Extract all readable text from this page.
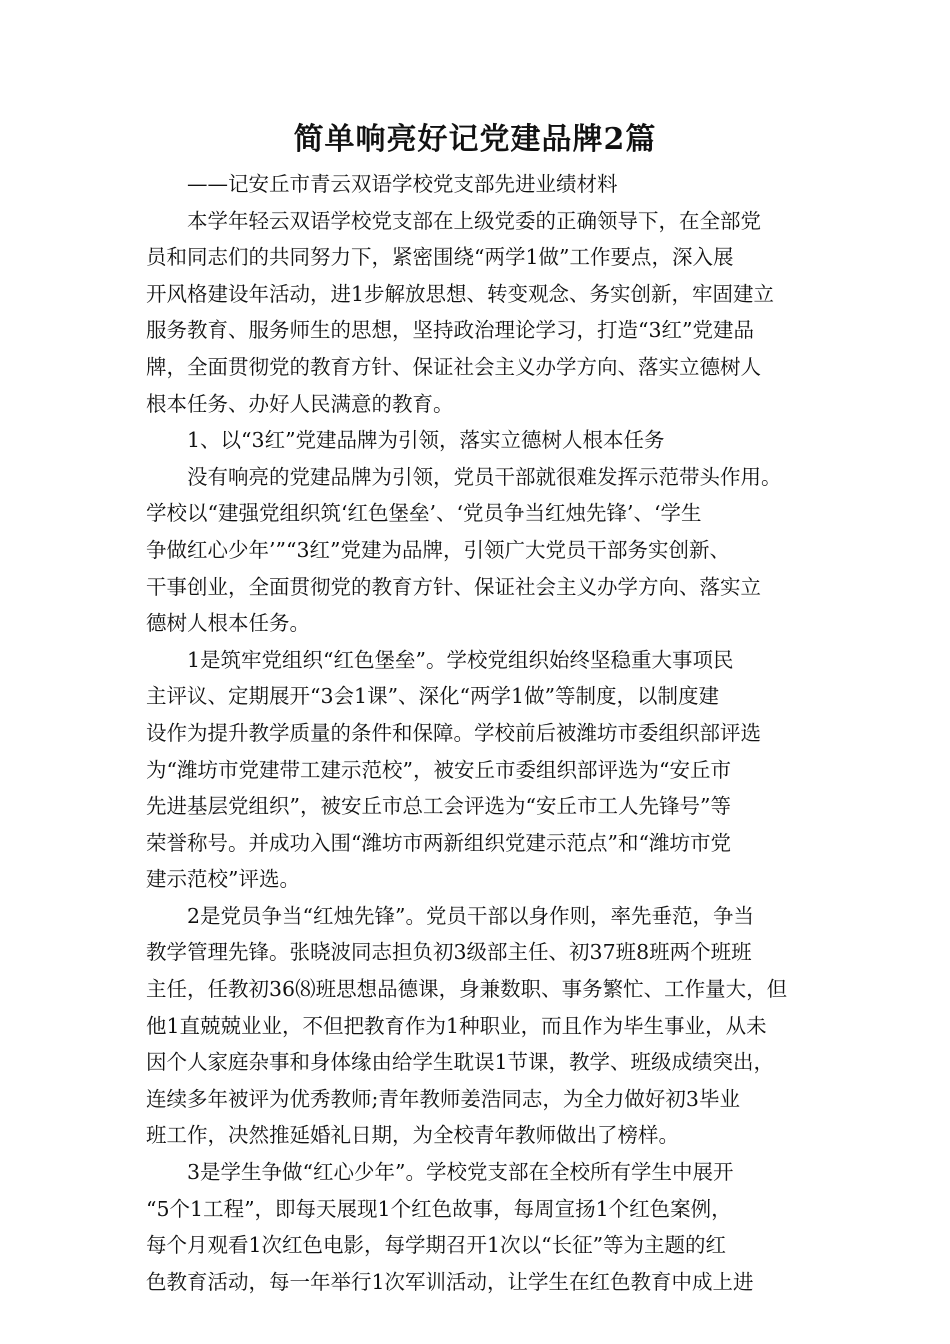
简单响亮好记党建品牌2篇
——记安丘市青云双语学校党支部先进业绩材料
本学年轻云双语学校党支部在上级党委的正确领导下，在全部党
员和同志们的共同努力下，紧密围绕“两学1做”工作要点，深入展
开风格建设年活动，进1步解放思想、转变观念、务实创新，牢固建立
服务教育、服务师生的思想，坚持政治理论学习，打造“3红”党建品
牌，全面贯彻党的教育方针、保证社会主义办学方向、落实立德树人
根本任务、办好人民满意的教育。
1、以“3红”党建品牌为引领，落实立德树人根本任务
没有响亮的党建品牌为引领，党员干部就很难发挥示范带头作用。
学校以“建强党组织筑‘红色堡垒’、‘党员争当红烛先锋’、‘学生
争做红心少年’”“3红”党建为品牌，引领广大党员干部务实创新、
干事创业，全面贯彻党的教育方针、保证社会主义办学方向、落实立
德树人根本任务。
1是筑牢党组织“红色堡垒”。学校党组织始终坚稳重大事项民
主评议、定期展开“3会1课”、深化“两学1做”等制度，以制度建
设作为提升教学质量的条件和保障。学校前后被潍坊市委组织部评选
为“潍坊市党建带工建示范校”，被安丘市委组织部评选为“安丘市
先进基层党组织”，被安丘市总工会评选为“安丘市工人先锋号”等
荣誉称号。并成功入围“潍坊市两新组织党建示范点”和“潍坊市党
建示范校”评选。
2是党员争当“红烛先锋”。党员干部以身作则，率先垂范，争当
教学管理先锋。张晓波同志担负初3级部主任、初37班8班两个班班
主任，任教初36⑻班思想品德课，身兼数职、事务繁忙、工作量大，但
他1直兢兢业业，不但把教育作为1种职业，而且作为毕生事业，从未
因个人家庭杂事和身体缘由给学生耽误1节课，教学、班级成绩突出，
连续多年被评为优秀教师;青年教师姜浩同志，为全力做好初3毕业
班工作，决然推延婚礼日期，为全校青年教师做出了榜样。
3是学生争做“红心少年”。学校党支部在全校所有学生中展开
“5个1工程”，即每天展现1个红色故事，每周宣扬1个红色案例，
每个月观看1次红色电影，每学期召开1次以“长征”等为主题的红
色教育活动，每一年举行1次军训活动，让学生在红色教育中成上进
